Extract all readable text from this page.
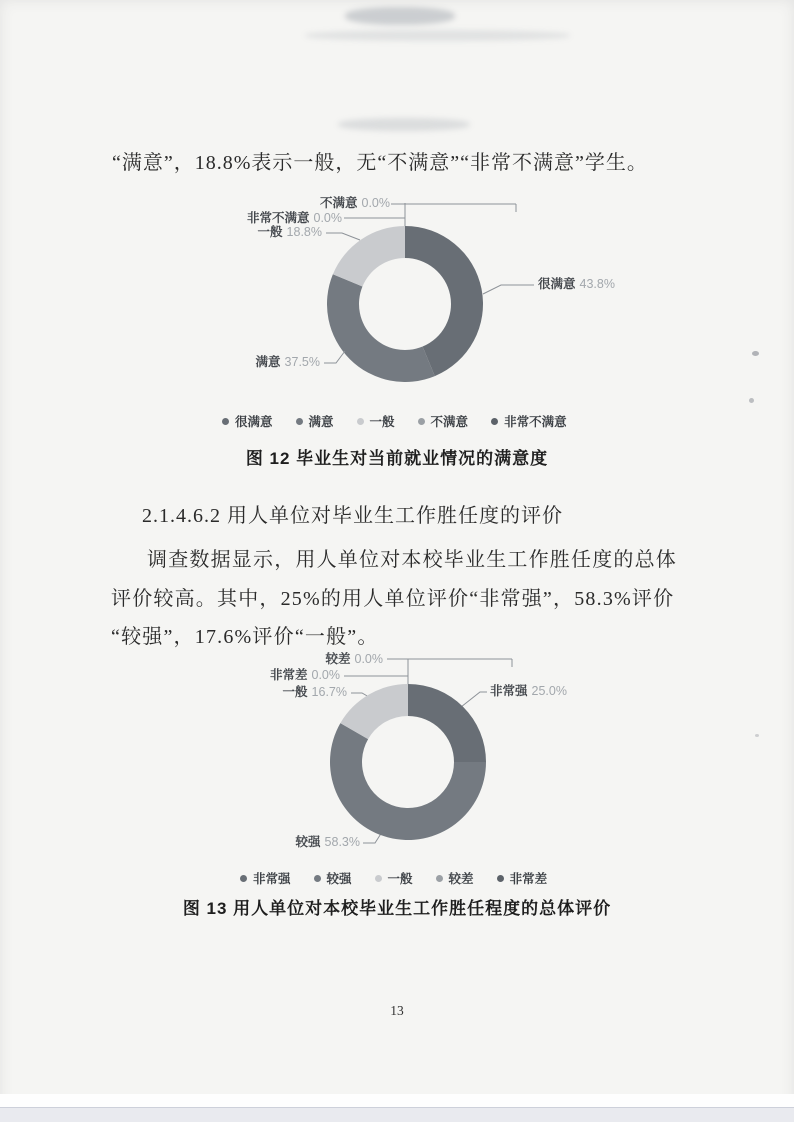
“满意”，18.8%表示一般，无“不满意”“非常不满意”学生。
不满意 0.0%
非常不满意 0.0%
一般 18.8%
很满意 43.8%
满意 37.5%
很满意	满意	一般	不满意	非常不满意
图 12 毕业生对当前就业情况的满意度
2.1.4.6.2 用人单位对毕业生工作胜任度的评价
调查数据显示，用人单位对本校毕业生工作胜任度的总体
评价较高。其中，25%的用人单位评价“非常强”，58.3%评价
“较强”，17.6%评价“一般”。
较差 0.0%
非常差 0.0%
一般 16.7%	非常强 25.0%
较强 58.3%
非常强	较强	一般	较差	非常差
图 13 用人单位对本校毕业生工作胜任程度的总体评价
13
